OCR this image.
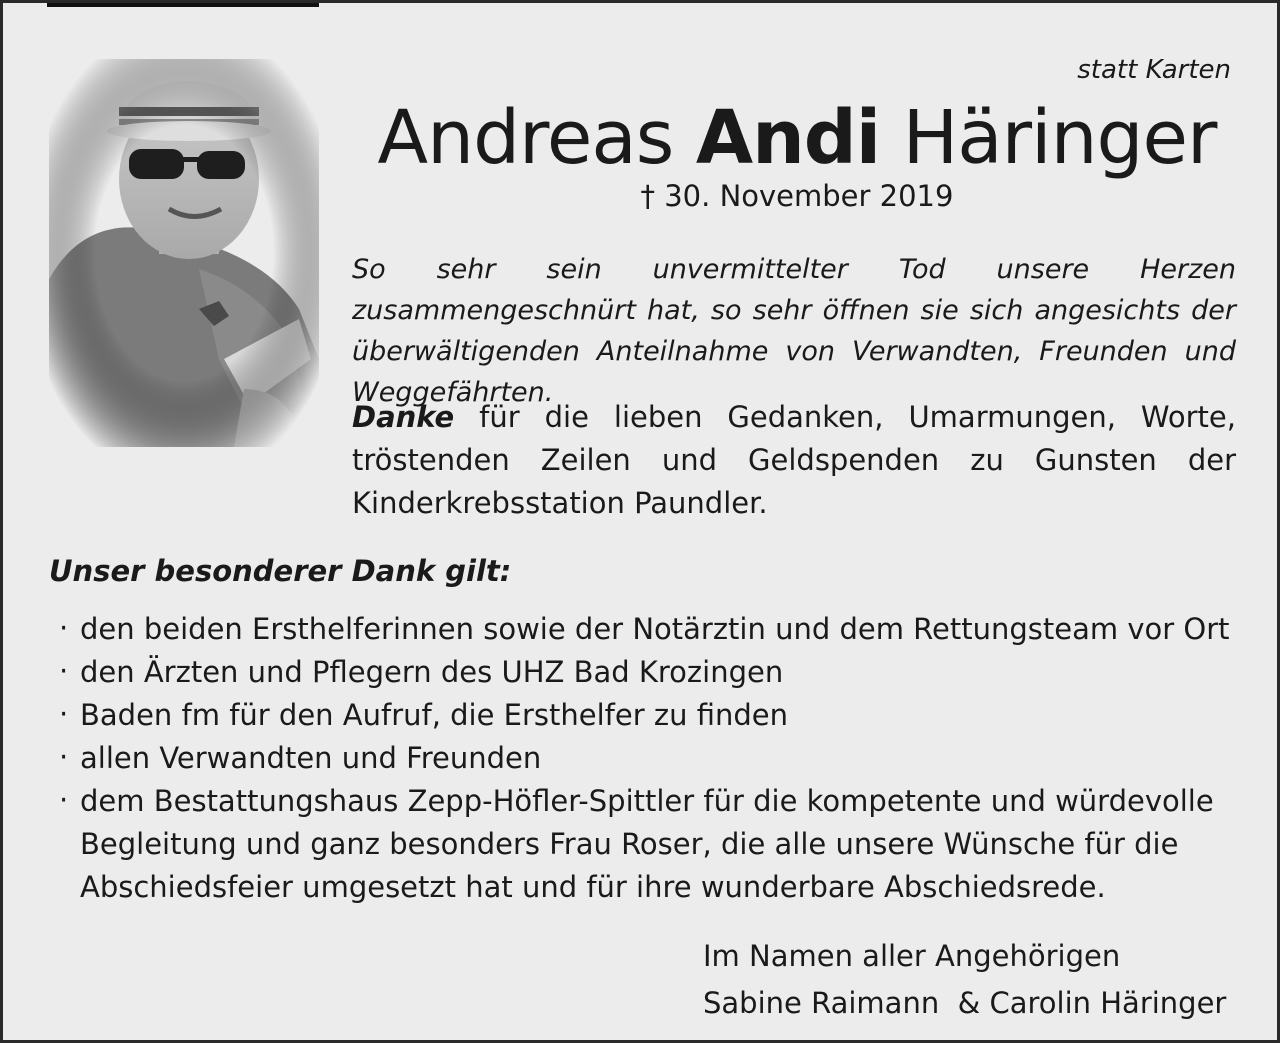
statt Karten
Andreas Andi Häringer
† 30. November 2019

So sehr sein unvermittelter Tod unsere Herzen zusammengeschnürt hat, so sehr öffnen sie sich angesichts der überwältigenden Anteilnahme von Verwandten, Freunden und Weggefährten.

Danke für die lieben Gedanken, Umarmungen, Worte, tröstenden Zeilen und Geldspenden zu Gunsten der Kinderkrebsstation Paundler.

Unser besonderer Dank gilt:

· den beiden Ersthelferinnen sowie der Notärztin und dem Rettungsteam vor Ort
· den Ärzten und Pflegern des UHZ Bad Krozingen
· Baden fm für den Aufruf, die Ersthelfer zu finden
· allen Verwandten und Freunden
· dem Bestattungshaus Zepp-Höfler-Spittler für die kompetente und würdevolle Begleitung und ganz besonders Frau Roser, die alle unsere Wünsche für die Abschiedsfeier umgesetzt hat und für ihre wunderbare Abschiedsrede.
Im Namen aller Angehörigen
Sabine Raimann  & Carolin Häringer
